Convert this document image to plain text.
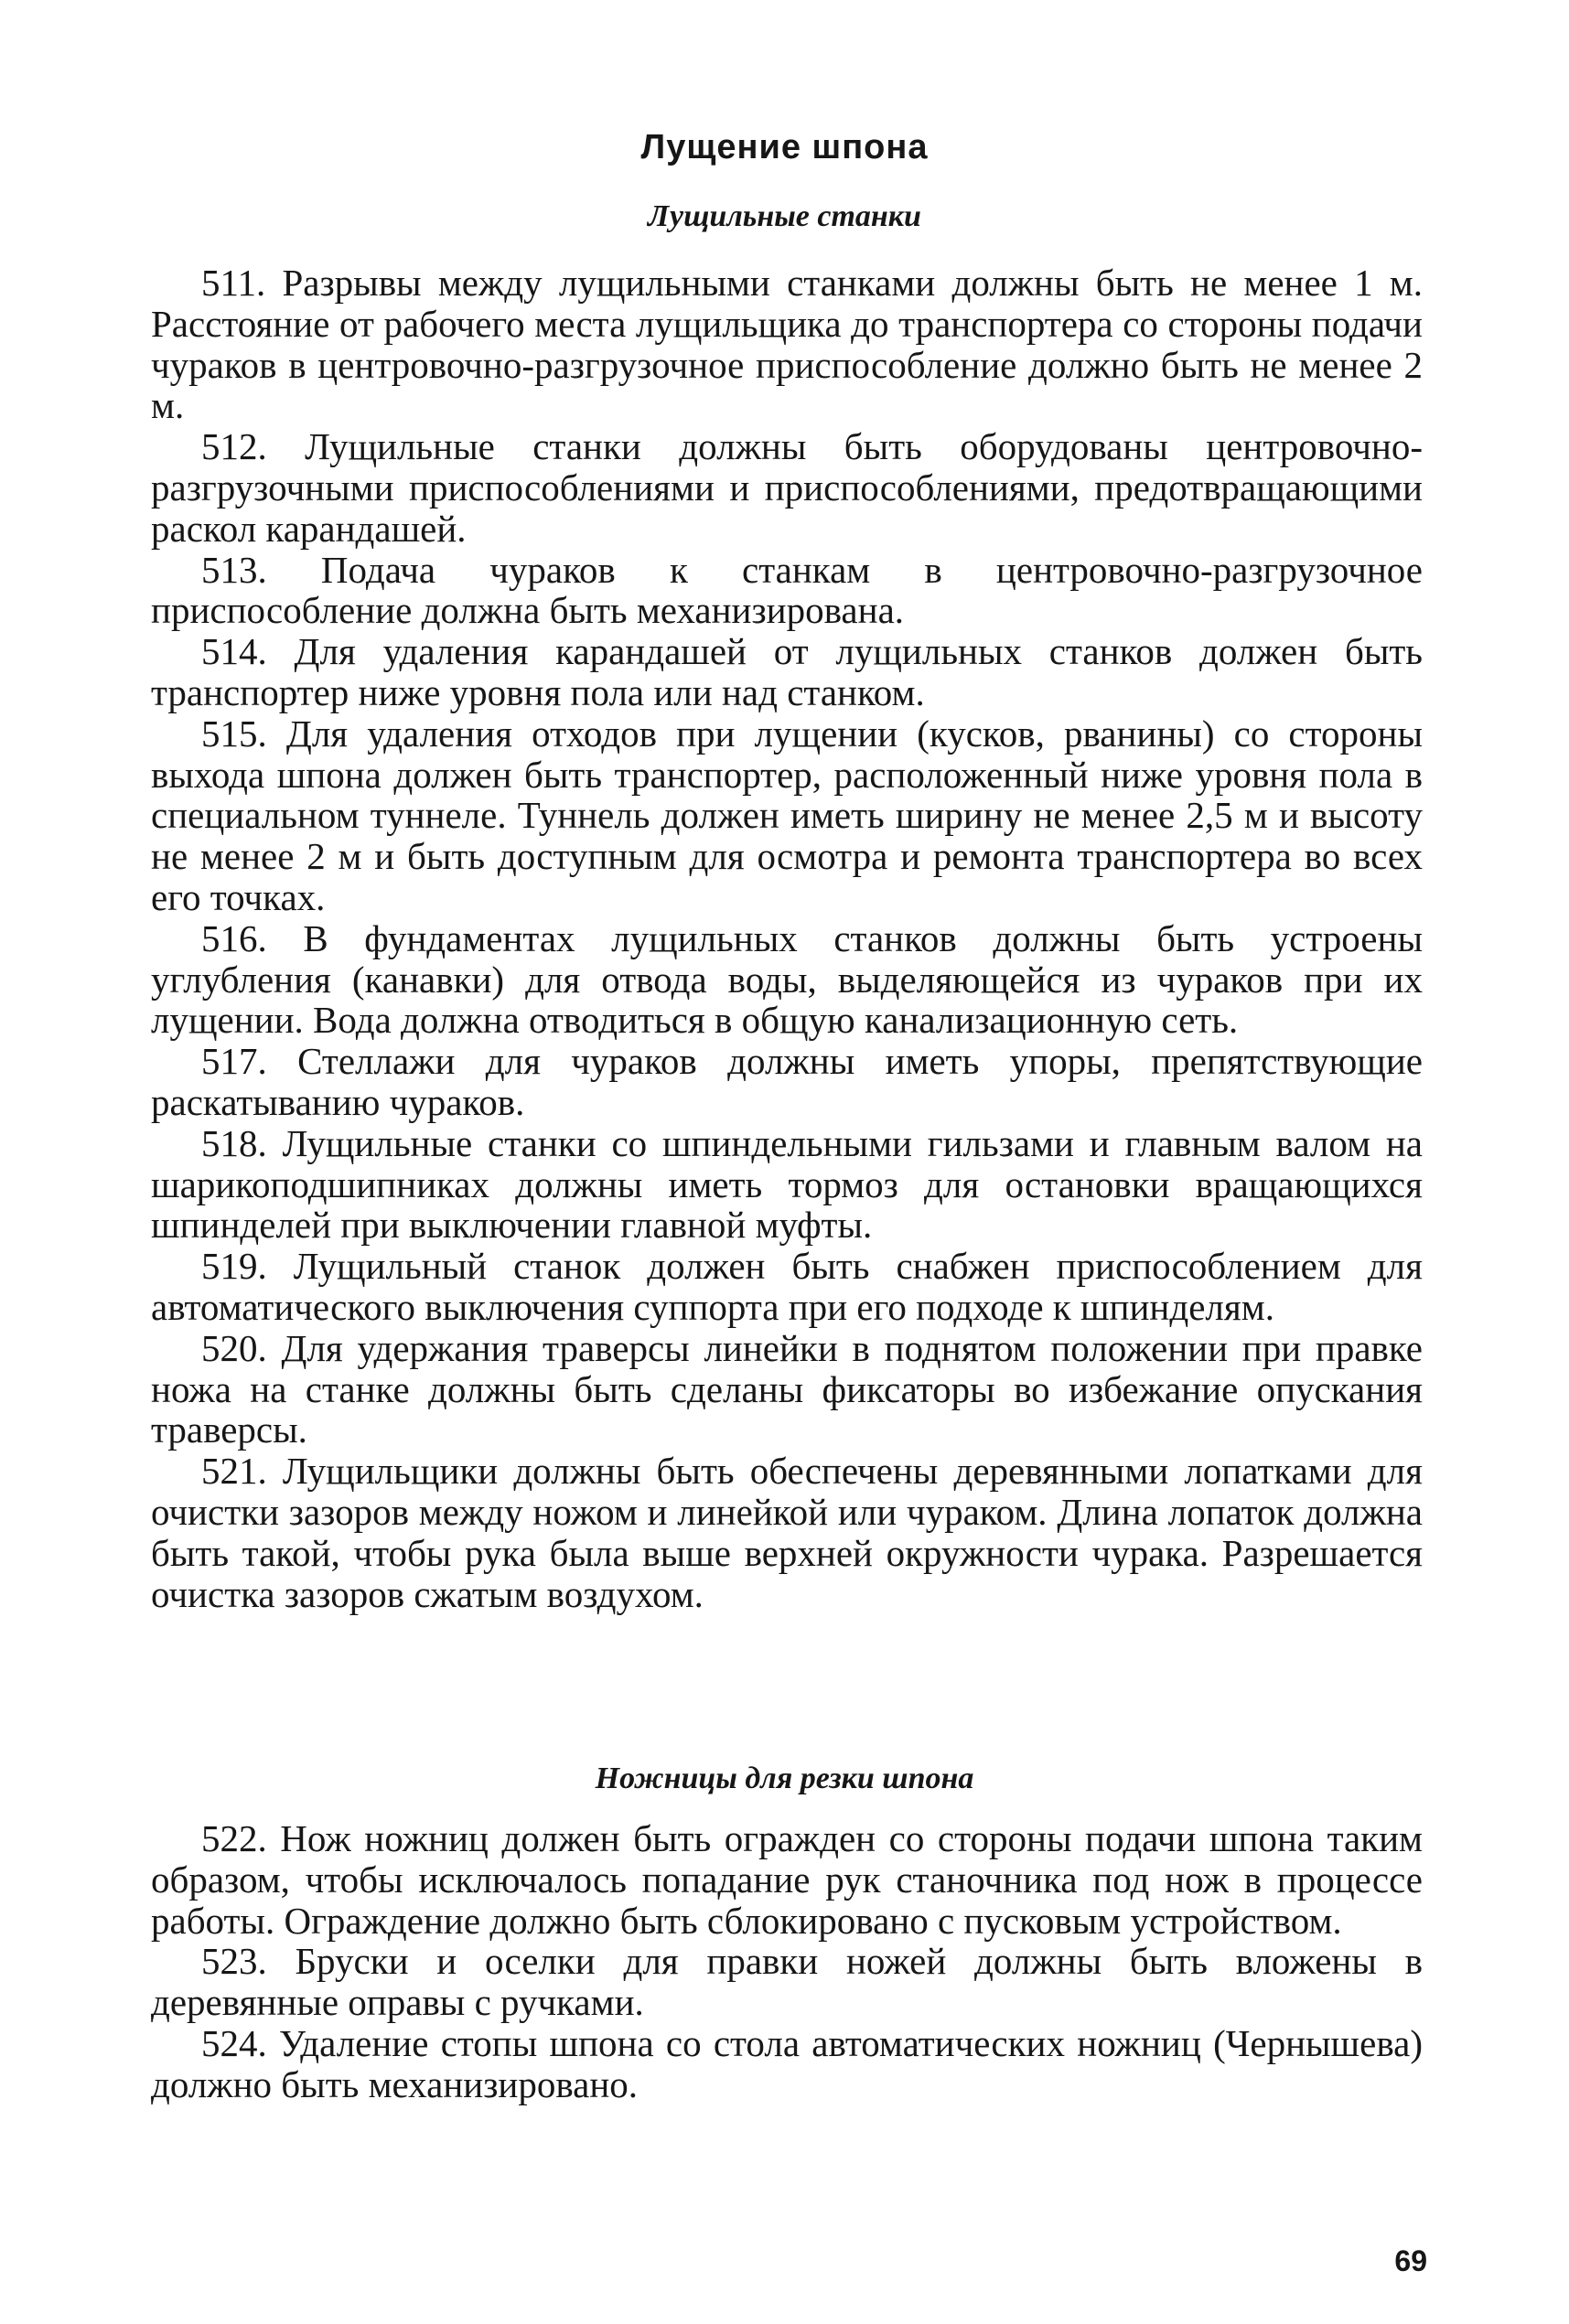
Лущение шпона
Лущильные станки

511. Разрывы между лущильными станками должны быть не менее 1 м. Расстояние от рабочего места лущильщика до транспортера со стороны подачи чураков в центровочно-разгрузочное приспособление должно быть не менее 2 м.

512. Лущильные станки должны быть оборудованы центровочно-разгрузочными приспособлениями и приспособлениями, предотвращающими раскол карандашей.

513. Подача чураков к станкам в центровочно-разгрузочное приспособление должна быть механизирована.

514. Для удаления карандашей от лущильных станков должен быть транспортер ниже уровня пола или над станком.

515. Для удаления отходов при лущении (кусков, рванины) со стороны выхода шпона должен быть транспортер, расположенный ниже уровня пола в специальном туннеле. Туннель должен иметь ширину не менее 2,5 м и высоту не менее 2 м и быть доступным для осмотра и ремонта транспортера во всех его точках.

516. В фундаментах лущильных станков должны быть устроены углубления (канавки) для отвода воды, выделяющейся из чураков при их лущении. Вода должна отводиться в общую канализационную сеть.

517. Стеллажи для чураков должны иметь упоры, препятствующие раскатыванию чураков.

518. Лущильные станки со шпиндельными гильзами и главным валом на шарикоподшипниках должны иметь тормоз для остановки вращающихся шпинделей при выключении главной муфты.

519. Лущильный станок должен быть снабжен приспособлением для автоматического выключения суппорта при его подходе к шпинделям.

520. Для удержания траверсы линейки в поднятом положении при правке ножа на станке должны быть сделаны фиксаторы во избежание опускания траверсы.

521. Лущильщики должны быть обеспечены деревянными лопатками для очистки зазоров между ножом и линейкой или чураком. Длина лопаток должна быть такой, чтобы рука была выше верхней окружности чурака. Разрешается очистка зазоров сжатым воздухом.

Ножницы для резки шпона

522. Нож ножниц должен быть огражден со стороны подачи шпона таким образом, чтобы исключалось попадание рук станочника под нож в процессе работы. Ограждение должно быть сблокировано с пусковым устройством.

523. Бруски и оселки для правки ножей должны быть вложены в деревянные оправы с ручками.

524. Удаление стопы шпона со стола автоматических ножниц (Чернышева) должно быть механизировано.

69
